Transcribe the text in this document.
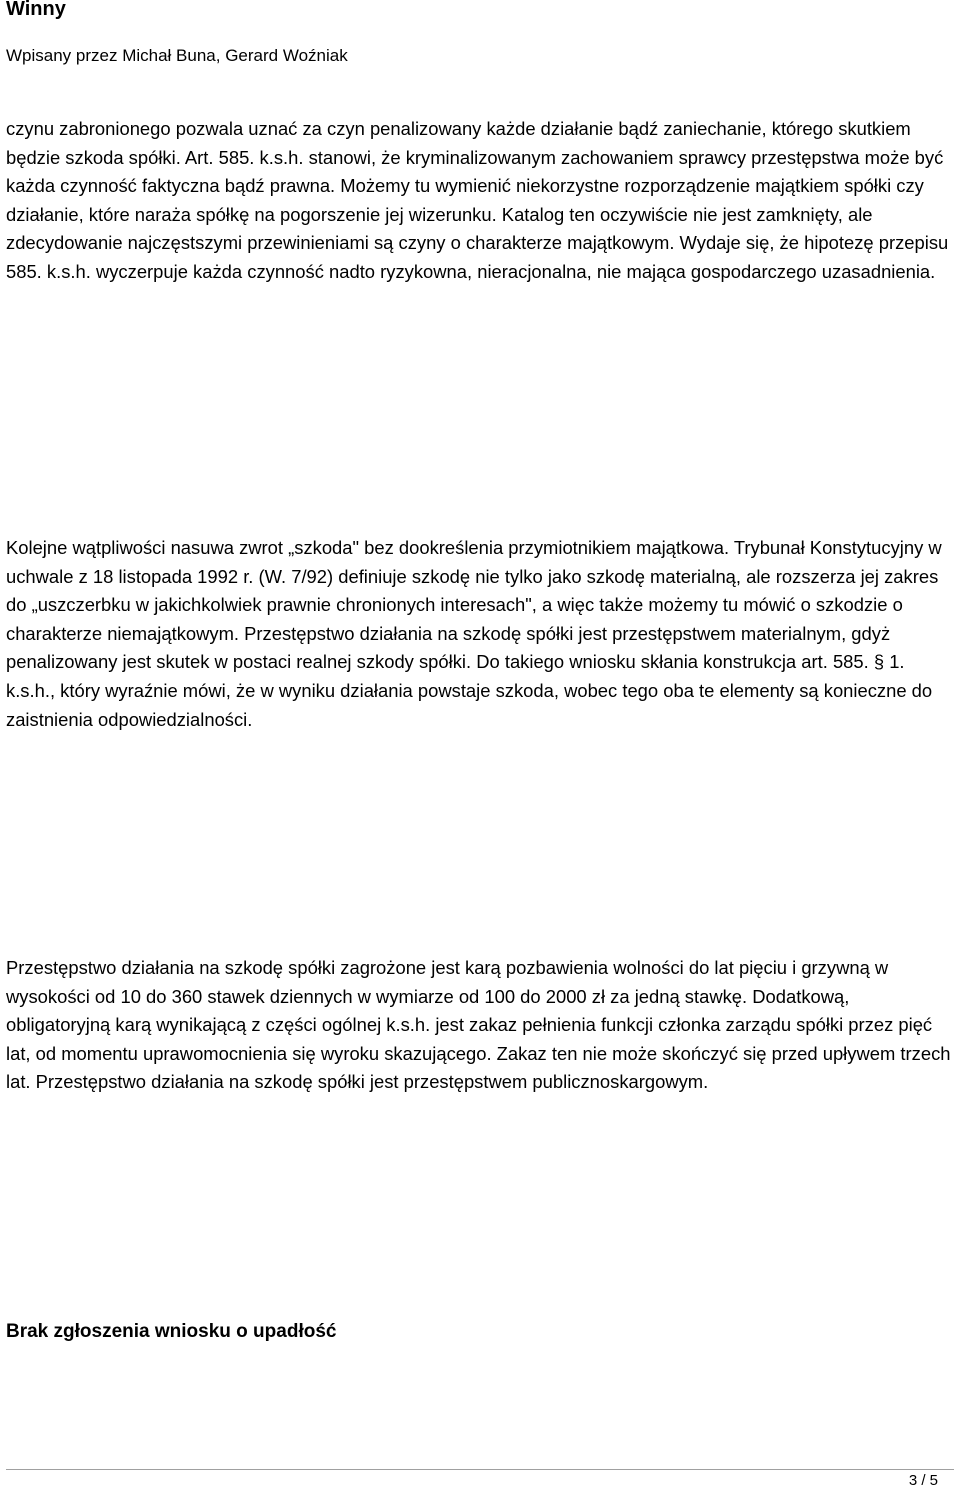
Winny

Wpisany przez Michał Buna, Gerard Woźniak

czynu zabronionego pozwala uznać za czyn penalizowany każde działanie bądź zaniechanie, którego skutkiem będzie szkoda spółki. Art. 585. k.s.h. stanowi, że kryminalizowanym zachowaniem sprawcy przestępstwa może być każda czynność faktyczna bądź prawna. Możemy tu wymienić niekorzystne rozporządzenie majątkiem spółki czy działanie, które naraża spółkę na pogorszenie jej wizerunku. Katalog ten oczywiście nie jest zamknięty, ale zdecydowanie najczęstszymi przewinieniami są czyny o charakterze majątkowym. Wydaje się, że hipotezę przepisu 585. k.s.h. wyczerpuje każda czynność nadto ryzykowna, nieracjonalna, nie mająca gospodarczego uzasadnienia.

Kolejne wątpliwości nasuwa zwrot „szkoda" bez dookreślenia przymiotnikiem majątkowa. Trybunał Konstytucyjny w uchwale z 18 listopada 1992 r. (W. 7/92) definiuje szkodę nie tylko jako szkodę materialną, ale rozszerza jej zakres do „uszczerbku w jakichkolwiek prawnie chronionych interesach", a więc także możemy tu mówić o szkodzie o charakterze niemajątkowym. Przestępstwo działania na szkodę spółki jest przestępstwem materialnym, gdyż penalizowany jest skutek w postaci realnej szkody spółki. Do takiego wniosku skłania konstrukcja art. 585. § 1. k.s.h., który wyraźnie mówi, że w wyniku działania powstaje szkoda, wobec tego oba te elementy są konieczne do zaistnienia odpowiedzialności.

Przestępstwo działania na szkodę spółki zagrożone jest karą pozbawienia wolności do lat pięciu i grzywną w wysokości od 10 do 360 stawek dziennych w wymiarze od 100 do 2000 zł za jedną stawkę. Dodatkową, obligatoryjną karą wynikającą z części ogólnej k.s.h. jest zakaz pełnienia funkcji członka zarządu spółki przez pięć lat, od momentu uprawomocnienia się wyroku skazującego. Zakaz ten nie może skończyć się przed upływem trzech lat. Przestępstwo działania na szkodę spółki jest przestępstwem publicznoskargowym.

Brak zgłoszenia wniosku o upadłość
3 / 5
